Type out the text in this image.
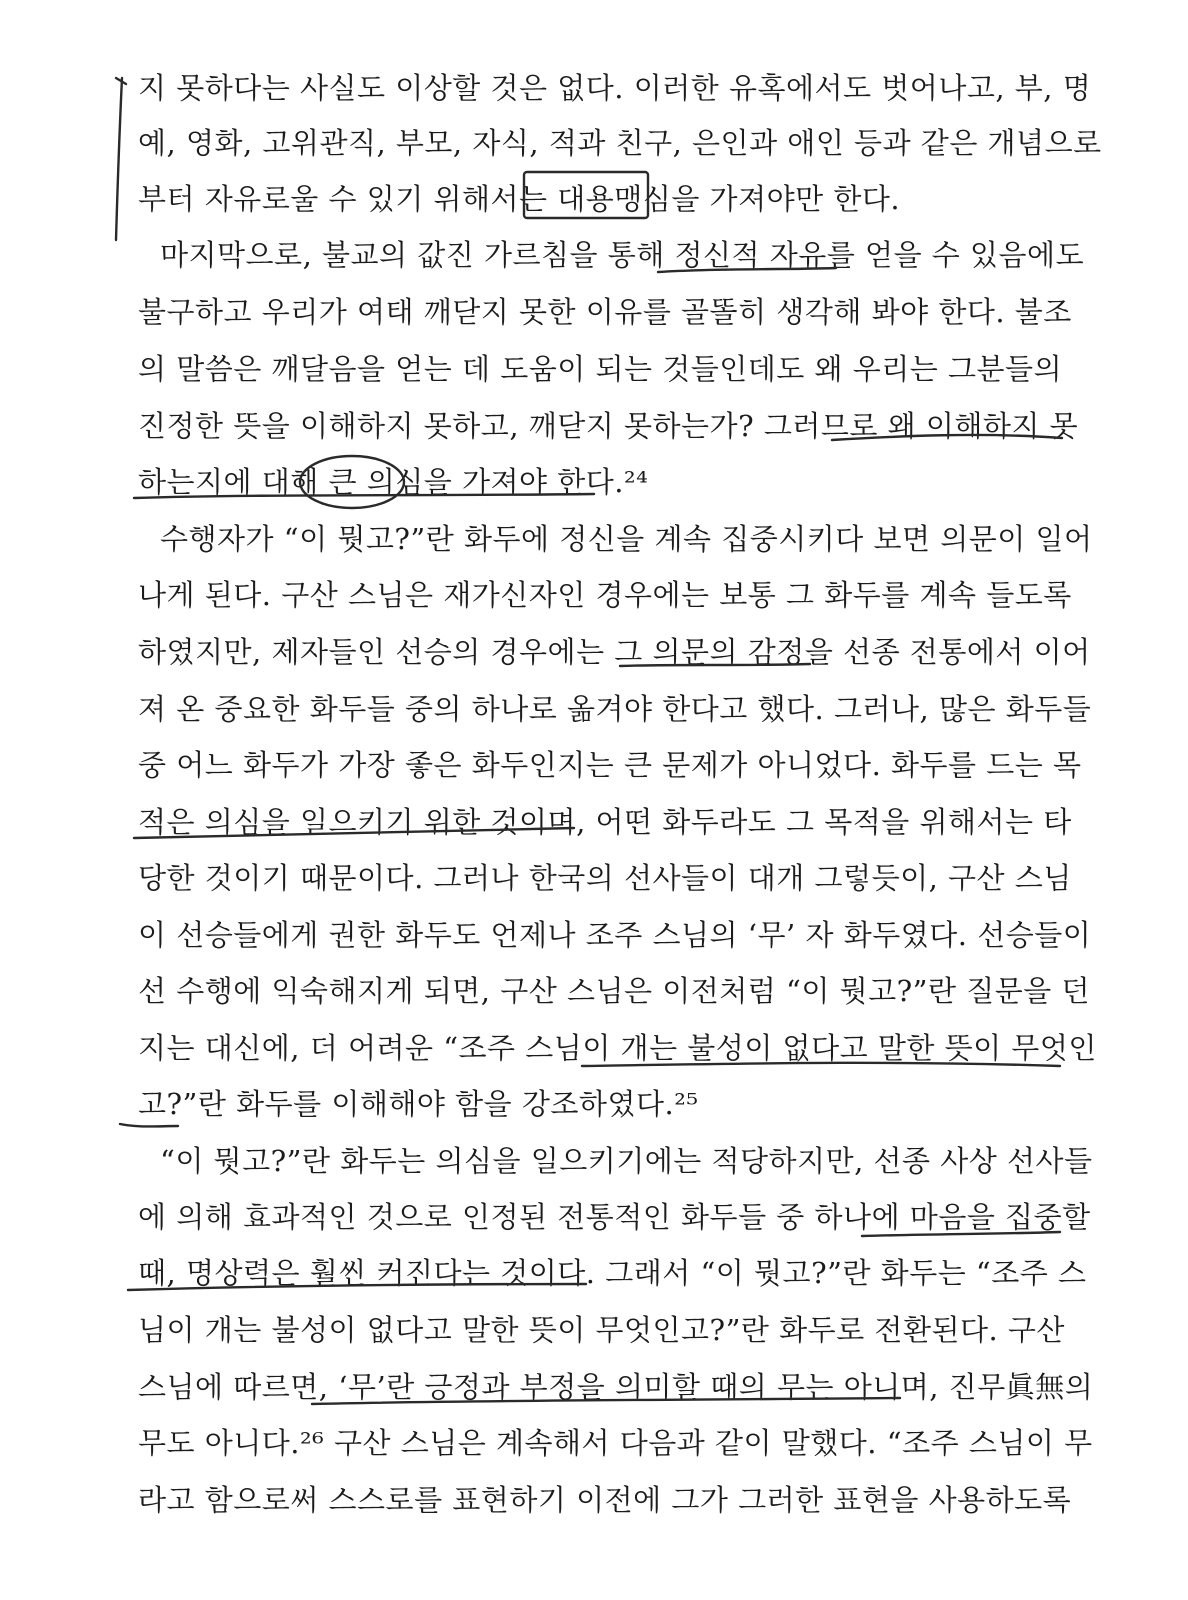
지 못하다는 사실도 이상할 것은 없다. 이러한 유혹에서도 벗어나고, 부, 명
예, 영화, 고위관직, 부모, 자식, 적과 친구, 은인과 애인 등과 같은 개념으로
부터 자유로울 수 있기 위해서는 대용맹심을 가져야만 한다.
마지막으로, 불교의 값진 가르침을 통해 정신적 자유를 얻을 수 있음에도
불구하고 우리가 여태 깨닫지 못한 이유를 골똘히 생각해 봐야 한다. 불조
의 말씀은 깨달음을 얻는 데 도움이 되는 것들인데도 왜 우리는 그분들의
진정한 뜻을 이해하지 못하고, 깨닫지 못하는가? 그러므로 왜 이해하지 못
하는지에 대해 큰 의심을 가져야 한다.²⁴
수행자가 “이 뭣고?”란 화두에 정신을 계속 집중시키다 보면 의문이 일어
나게 된다. 구산 스님은 재가신자인 경우에는 보통 그 화두를 계속 들도록
하였지만, 제자들인 선승의 경우에는 그 의문의 감정을 선종 전통에서 이어
져 온 중요한 화두들 중의 하나로 옮겨야 한다고 했다. 그러나, 많은 화두들
중 어느 화두가 가장 좋은 화두인지는 큰 문제가 아니었다. 화두를 드는 목
적은 의심을 일으키기 위한 것이며, 어떤 화두라도 그 목적을 위해서는 타
당한 것이기 때문이다. 그러나 한국의 선사들이 대개 그렇듯이, 구산 스님
이 선승들에게 권한 화두도 언제나 조주 스님의 ‘무’ 자 화두였다. 선승들이
선 수행에 익숙해지게 되면, 구산 스님은 이전처럼 “이 뭣고?”란 질문을 던
지는 대신에, 더 어려운 “조주 스님이 개는 불성이 없다고 말한 뜻이 무엇인
고?”란 화두를 이해해야 함을 강조하였다.²⁵
“이 뭣고?”란 화두는 의심을 일으키기에는 적당하지만, 선종 사상 선사들
에 의해 효과적인 것으로 인정된 전통적인 화두들 중 하나에 마음을 집중할
때, 명상력은 훨씬 커진다는 것이다. 그래서 “이 뭣고?”란 화두는 “조주 스
님이 개는 불성이 없다고 말한 뜻이 무엇인고?”란 화두로 전환된다. 구산
스님에 따르면, ‘무’란 긍정과 부정을 의미할 때의 무는 아니며, 진무眞無의
무도 아니다.²⁶ 구산 스님은 계속해서 다음과 같이 말했다. “조주 스님이 무
라고 함으로써 스스로를 표현하기 이전에 그가 그러한 표현을 사용하도록
